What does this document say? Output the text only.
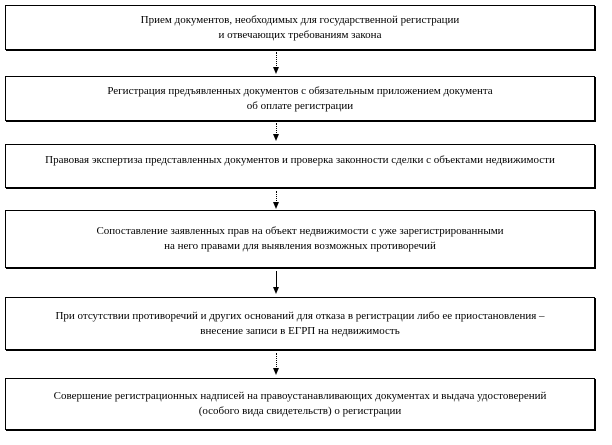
Прием документов, необходимых для государственной регистрации
и отвечающих требованиям закона
Регистрация предъявленных документов с обязательным приложением документа
об оплате регистрации
Правовая экспертиза представленных документов и проверка законности сделки с объектами недвижимости
Сопоставление заявленных прав на объект недвижимости с уже зарегистрированными
на него правами для выявления возможных противоречий
При отсутствии противоречий и других оснований для отказа в регистрации либо ее приостановления –
внесение записи в ЕГРП на недвижимость
Совершение регистрационных надписей на правоустанавливающих документах и выдача удостоверений
(особого вида свидетельств) о регистрации
